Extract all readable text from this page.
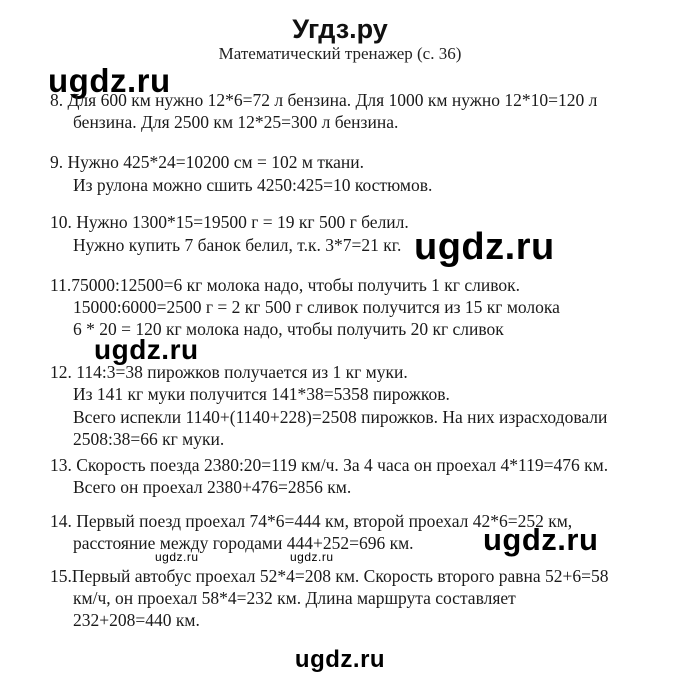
Угдз.ру
Математический тренажер (с. 36)
ugdz.ru
8. Для 600 км нужно 12*6=72 л бензина. Для 1000 км нужно 12*10=120 л
бензина. Для 2500 км 12*25=300 л бензина.
9. Нужно 425*24=10200 см = 102 м ткани.
Из рулона можно сшить 4250:425=10 костюмов.
10. Нужно 1300*15=19500 г = 19 кг 500 г белил.
Нужно купить 7 банок белил, т.к. 3*7=21 кг. ugdz.ru
11.75000:12500=6 кг молока надо, чтобы получить 1 кг сливок.
15000:6000=2500 г = 2 кг 500 г сливок получится из 15 кг молока
6 * 20 = 120 кг молока надо, чтобы получить 20 кг сливок
ugdz.ru
12. 114:3=38 пирожков получается из 1 кг муки.
Из 141 кг муки получится 141*38=5358 пирожков.
Всего испекли 1140+(1140+228)=2508 пирожков. На них израсходовали
2508:38=66 кг муки.
13. Скорость поезда 2380:20=119 км/ч. За 4 часа он проехал 4*119=476 км.
Всего он проехал 2380+476=2856 км.
14. Первый поезд проехал 74*6=444 км, второй проехал 42*6=252 км,
расстояние между городами 444+252=696 км. ugdz.ru
ugdz.ru	ugdz.ru
15.Первый автобус проехал 52*4=208 км. Скорость второго равна 52+6=58
км/ч, он проехал 58*4=232 км. Длина маршрута составляет
232+208=440 км.
ugdz.ru
